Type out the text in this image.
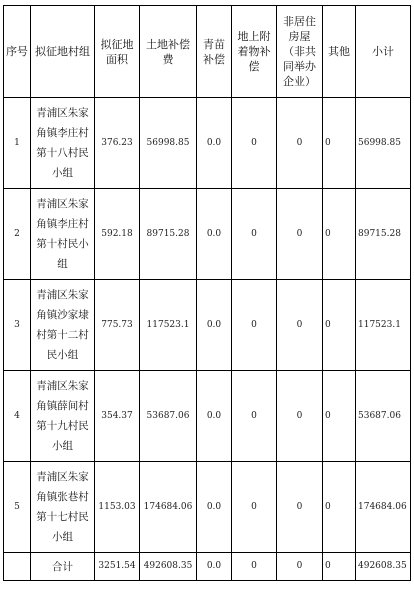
序号	拟征地村组	拟征地面积	土地补偿费	青苗补偿	地上附着物补偿	非居住房屋（非共同举办企业）	其他	小计
1	青浦区朱家角镇李庄村第十八村民小组	376.23	56998.85	0.0	0	0	0	56998.85
2	青浦区朱家角镇李庄村第十村民小组	592.18	89715.28	0.0	0	0	0	89715.28
3	青浦区朱家角镇沙家埭村第十二村民小组	775.73	117523.1	0.0	0	0	0	117523.1
4	青浦区朱家角镇薛间村第十九村民小组	354.37	53687.06	0.0	0	0	0	53687.06
5	青浦区朱家角镇张巷村第十七村民小组	1153.03	174684.06	0.0	0	0	0	174684.06
	合计	3251.54	492608.35	0.0	0	0	0	492608.35
